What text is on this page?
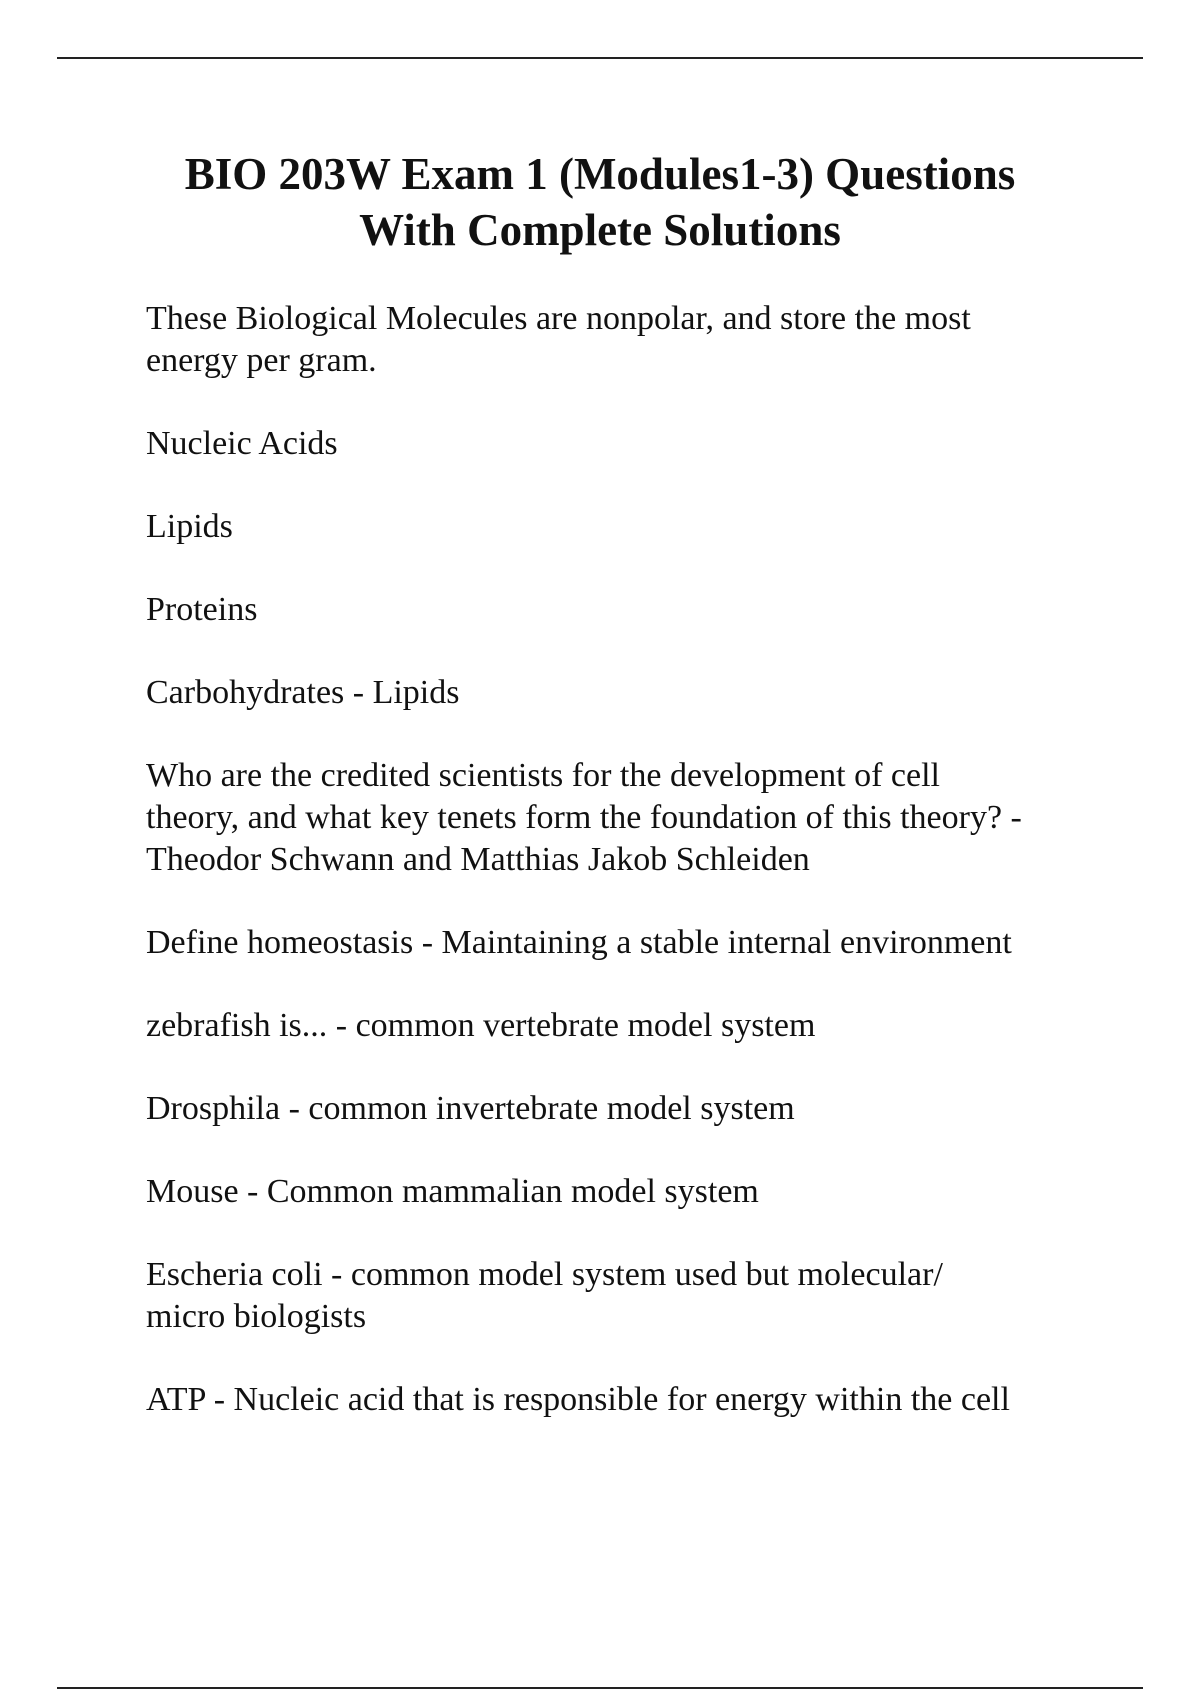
BIO 203W Exam 1 (Modules1-3) Questions
With Complete Solutions

These Biological Molecules are nonpolar, and store the most
energy per gram.

Nucleic Acids

Lipids

Proteins

Carbohydrates - Lipids

Who are the credited scientists for the development of cell
theory, and what key tenets form the foundation of this theory? -
Theodor Schwann and Matthias Jakob Schleiden

Define homeostasis - Maintaining a stable internal environment

zebrafish is... - common vertebrate model system

Drosphila - common invertebrate model system

Mouse - Common mammalian model system

Escheria coli - common model system used but molecular/
micro biologists

ATP - Nucleic acid that is responsible for energy within the cell
